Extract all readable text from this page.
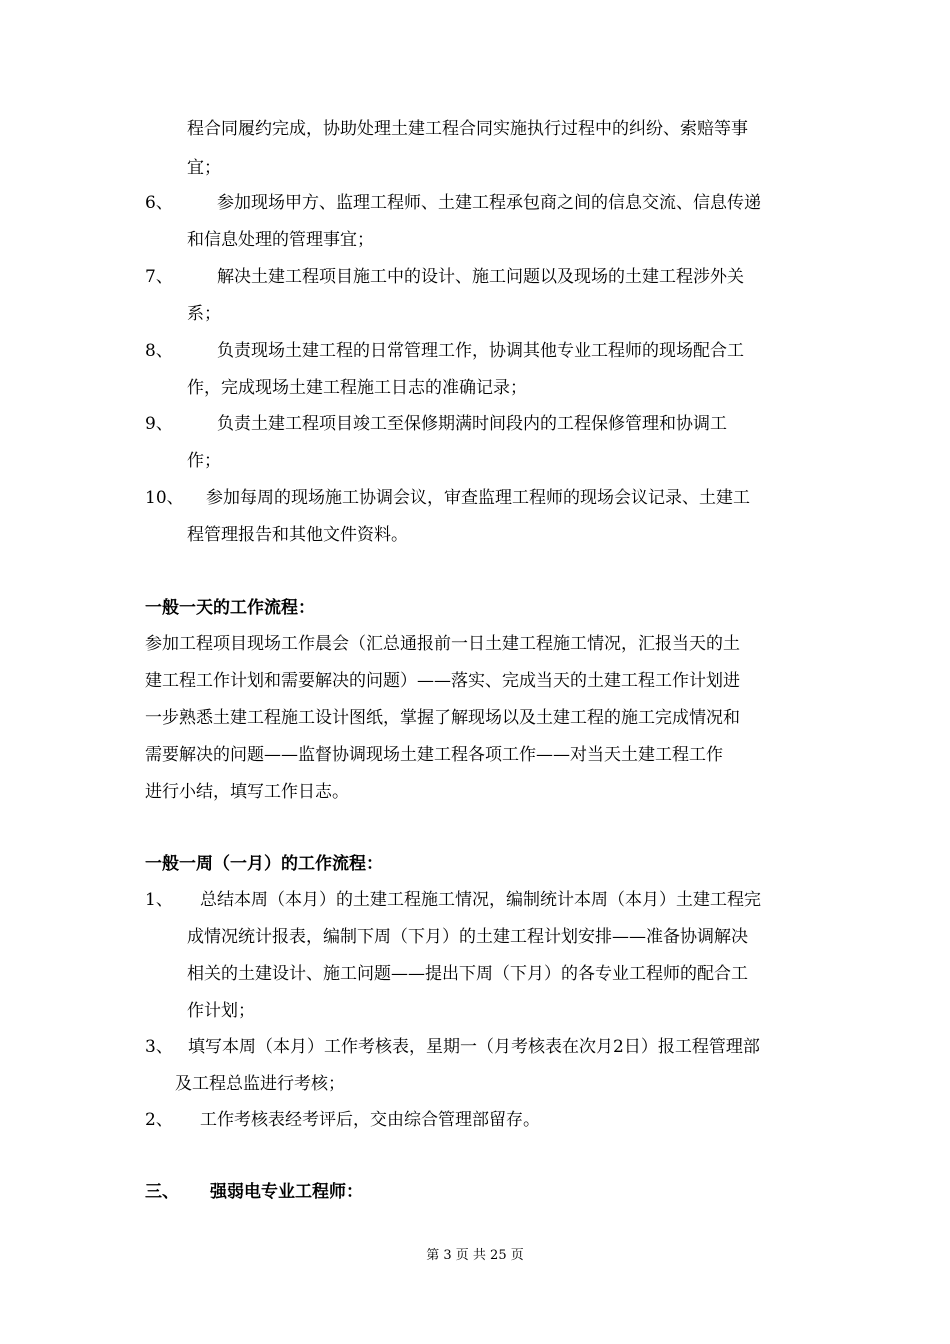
程合同履约完成，协助处理土建工程合同实施执行过程中的纠纷、索赔等事
宜；
6、	参加现场甲方、监理工程师、土建工程承包商之间的信息交流、信息传递
和信息处理的管理事宜；
7、	解决土建工程项目施工中的设计、施工问题以及现场的土建工程涉外关
系；
8、	负责现场土建工程的日常管理工作，协调其他专业工程师的现场配合工
作，完成现场土建工程施工日志的准确记录；
9、	负责土建工程项目竣工至保修期满时间段内的工程保修管理和协调工
作；
10、 参加每周的现场施工协调会议，审查监理工程师的现场会议记录、土建工
程管理报告和其他文件资料。
一般一天的工作流程：
参加工程项目现场工作晨会（汇总通报前一日土建工程施工情况，汇报当天的土
建工程工作计划和需要解决的问题）——落实、完成当天的土建工程工作计划进
一步熟悉土建工程施工设计图纸，掌握了解现场以及土建工程的施工完成情况和
需要解决的问题——监督协调现场土建工程各项工作——对当天土建工程工作
进行小结，填写工作日志。
一般一周（一月）的工作流程：
1、 总结本周（本月）的土建工程施工情况，编制统计本周（本月）土建工程完
成情况统计报表，编制下周（下月）的土建工程计划安排——准备协调解决
相关的土建设计、施工问题——提出下周（下月）的各专业工程师的配合工
作计划；
3、 填写本周（本月）工作考核表，星期一（月考核表在次月2日）报工程管理部
及工程总监进行考核；
2、 工作考核表经考评后，交由综合管理部留存。
三、 强弱电专业工程师：
第 3 页 共 25 页
